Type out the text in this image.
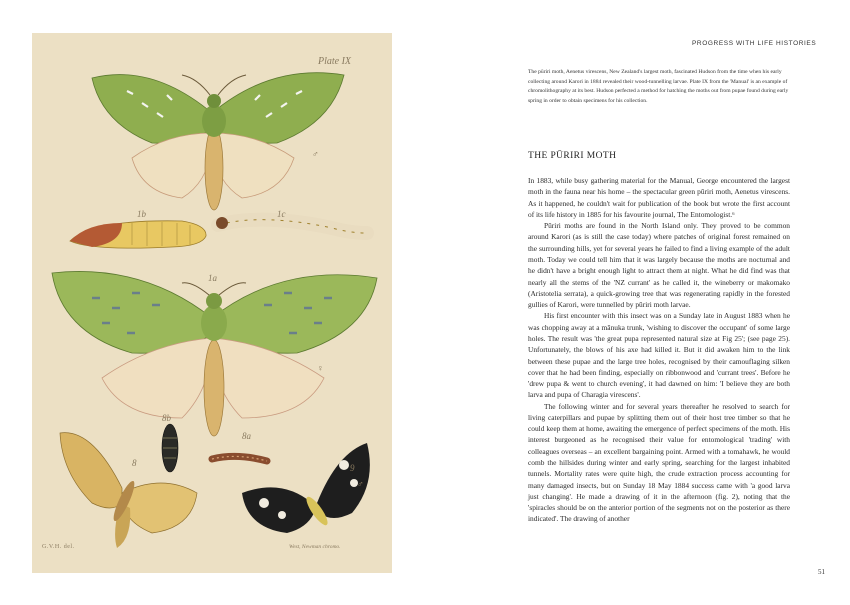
Plate IX
1b	1c
1a
8b
8a
8	9
♂
♀
♂
G.V.H. del.	West, Newman chromo.
PROGRESS WITH LIFE HISTORIES
The pūriri moth, Aenetus virescens, New Zealand's largest moth, fascinated Hudson from the time when his early collecting around Karori in 1884 revealed their wood-tunnelling larvae. Plate IX from the 'Manual' is an example of chromolithography at its best. Hudson perfected a method for hatching the moths out from pupae found during early spring in order to obtain specimens for his collection.
THE PŪRIRI MOTH

In 1883, while busy gathering material for the Manual, George encountered the largest moth in the fauna near his home – the spectacular green pūriri moth, Aenetus virescens. As it happened, he couldn't wait for publication of the book but wrote the first account of its life history in 1885 for his favourite journal, The Entomologist.⁶

Pūriri moths are found in the North Island only. They proved to be common around Karori (as is still the case today) where patches of original forest remained on the surrounding hills, yet for several years he failed to find a living example of the adult moth. Today we could tell him that it was largely because the moths are nocturnal and he didn't have a bright enough light to attract them at night. What he did find was that nearly all the stems of the 'NZ currant' as he called it, the wineberry or makomako (Aristotelia serrata), a quick-growing tree that was regenerating rapidly in the forested gullies of Karori, were tunnelled by pūriri moth larvae.

His first encounter with this insect was on a Sunday late in August 1883 when he was chopping away at a mānuka trunk, 'wishing to discover the occupant' of some large holes. The result was 'the great pupa represented natural size at Fig 25'; (see page 25). Unfortunately, the blows of his axe had killed it. But it did awaken him to the link between these pupae and the large tree holes, recognised by their camouflaging silken cover that he had been finding, especially on ribbonwood and 'currant trees'. Before he 'drew pupa & went to church evening', it had dawned on him: 'I believe they are both larva and pupa of Charagia virescens'.

The following winter and for several years thereafter he resolved to search for living caterpillars and pupae by splitting them out of their host tree timber so that he could keep them at home, awaiting the emergence of perfect specimens of the moth. His interest burgeoned as he recognised their value for entomological 'trading' with colleagues overseas – an excellent bargaining point. Armed with a tomahawk, he would comb the hillsides during winter and early spring, searching for the largest inhabited tunnels. Mortality rates were quite high, the crude extraction process accounting for many damaged insects, but on Sunday 18 May 1884 success came with 'a good larva just changing'. He made a drawing of it in the afternoon (fig. 2), noting that the 'spiracles should be on the anterior portion of the segments not on the posterior as there indicated'. The drawing of another

51
